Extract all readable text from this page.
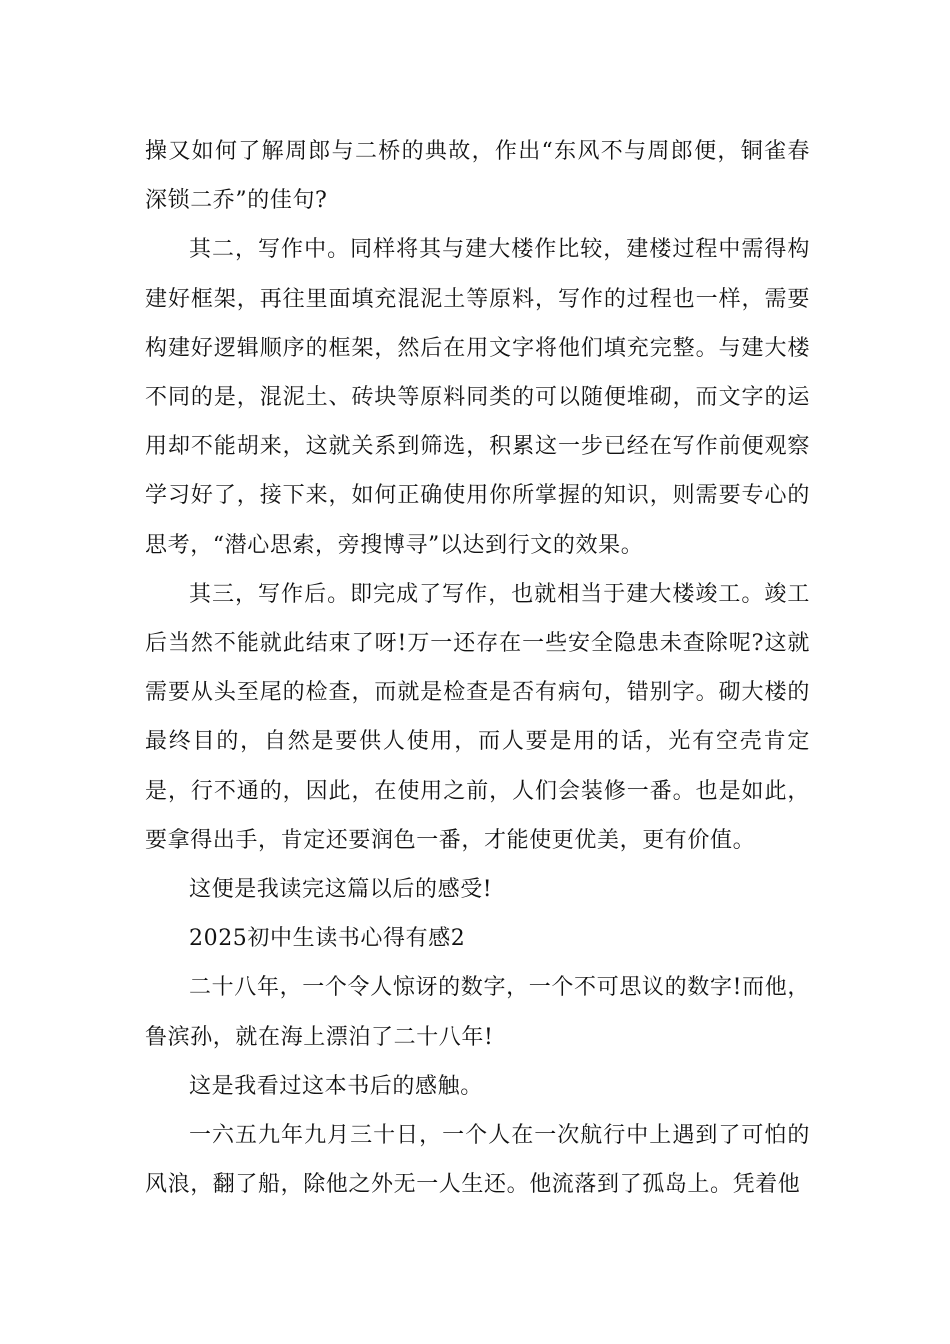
操又如何了解周郎与二桥的典故，作出“东风不与周郎便，铜雀春深锁二乔”的佳句?

其二，写作中。同样将其与建大楼作比较，建楼过程中需得构建好框架，再往里面填充混泥土等原料，写作的过程也一样，需要构建好逻辑顺序的框架，然后在用文字将他们填充完整。与建大楼不同的是，混泥土、砖块等原料同类的可以随便堆砌，而文字的运用却不能胡来，这就关系到筛选，积累这一步已经在写作前便观察学习好了，接下来，如何正确使用你所掌握的知识，则需要专心的思考，“潜心思索，旁搜博寻”以达到行文的效果。

其三，写作后。即完成了写作，也就相当于建大楼竣工。竣工后当然不能就此结束了呀!万一还存在一些安全隐患未查除呢?这就需要从头至尾的检查，而就是检查是否有病句，错别字。砌大楼的最终目的，自然是要供人使用，而人要是用的话，光有空壳肯定是，行不通的，因此，在使用之前，人们会装修一番。也是如此，要拿得出手，肯定还要润色一番，才能使更优美，更有价值。

这便是我读完这篇以后的感受!

2025初中生读书心得有感2

二十八年，一个令人惊讶的数字，一个不可思议的数字!而他，鲁滨孙，就在海上漂泊了二十八年!

这是我看过这本书后的感触。

一六五九年九月三十日，一个人在一次航行中上遇到了可怕的风浪，翻了船，除他之外无一人生还。他流落到了孤岛上。凭着他
